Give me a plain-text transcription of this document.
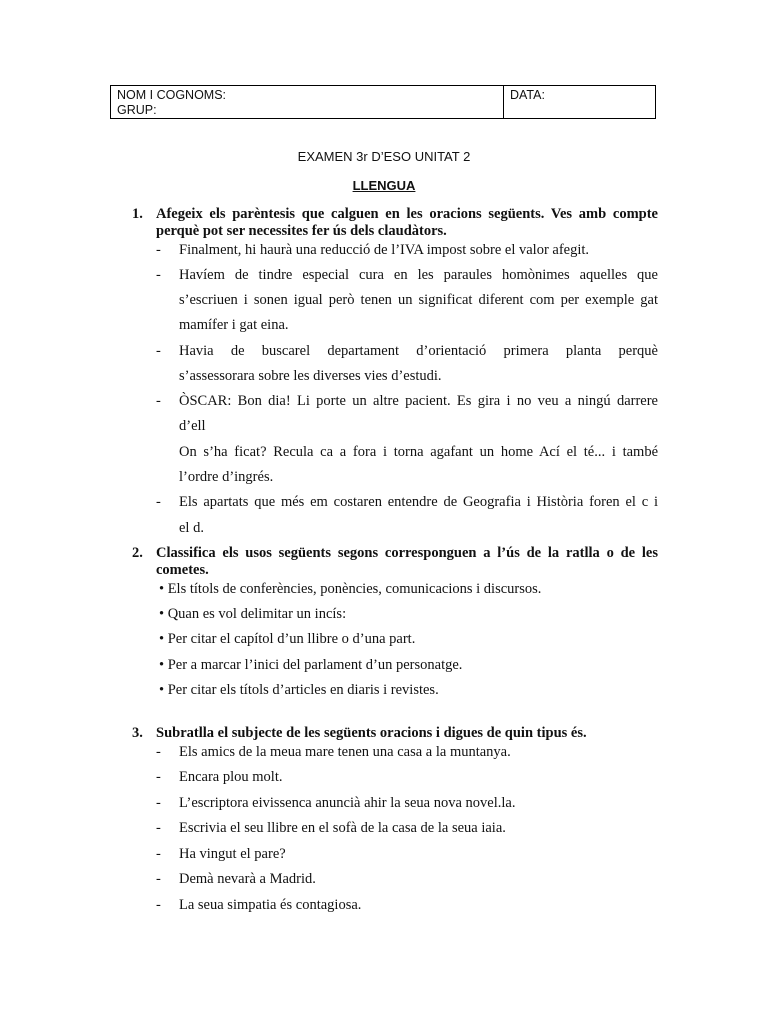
NOM I COGNOMS:
GRUP:
DATA:
EXAMEN 3r D’ESO UNITAT 2
LLENGUA
1. Afegeix els parèntesis que calguen en les oracions següents. Ves amb compte
perquè pot ser necessites fer ús dels claudàtors.
- Finalment, hi haurà una reducció de l’IVA impost sobre el valor afegit.
- Havíem de tindre especial cura en les paraules homònimes aquelles que
s’escriuen i sonen igual però tenen un significat diferent com per exemple gat
mamífer i gat eina.
- Havia de buscarel departament d’orientació primera planta perquè
s’assessorara sobre les diverses vies d’estudi.
- ÒSCAR: Bon dia! Li porte un altre pacient. Es gira i no veu a ningú darrere
d’ell
On s’ha ficat? Recula ca a fora i torna agafant un home Ací el té... i també
l’ordre d’ingrés.
- Els apartats que més em costaren entendre de Geografia i Història foren el c i
el d.
2. Classifica els usos següents segons corresponguen a l’ús de la ratlla o de les
cometes.
• Els títols de conferències, ponències, comunicacions i discursos.
• Quan es vol delimitar un incís:
• Per citar el capítol d’un llibre o d’una part.
• Per a marcar l’inici del parlament d’un personatge.
• Per citar els títols d’articles en diaris i revistes.
3. Subratlla el subjecte de les següents oracions i digues de quin tipus és.
- Els amics de la meua mare tenen una casa a la muntanya.
- Encara plou molt.
- L’escriptora eivissenca anuncià ahir la seua nova novel.la.
- Escrivia el seu llibre en el sofà de la casa de la seua iaia.
- Ha vingut el pare?
- Demà nevarà a Madrid.
- La seua simpatia és contagiosa.
